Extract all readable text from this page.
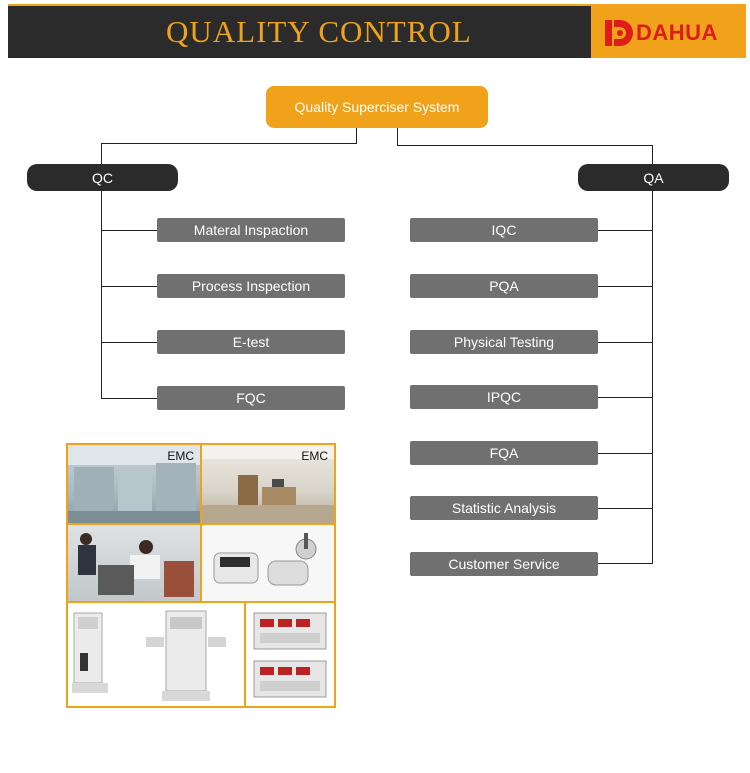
QUALITY CONTROL	DAHUA
Quality Superciser System
QC	QA
Materal Inspaction
Process Inspection
E-test
FQC
IQC
PQA
Physical Testing
IPQC
FQA
Statistic Analysis
Customer Service
EMC	EMC
